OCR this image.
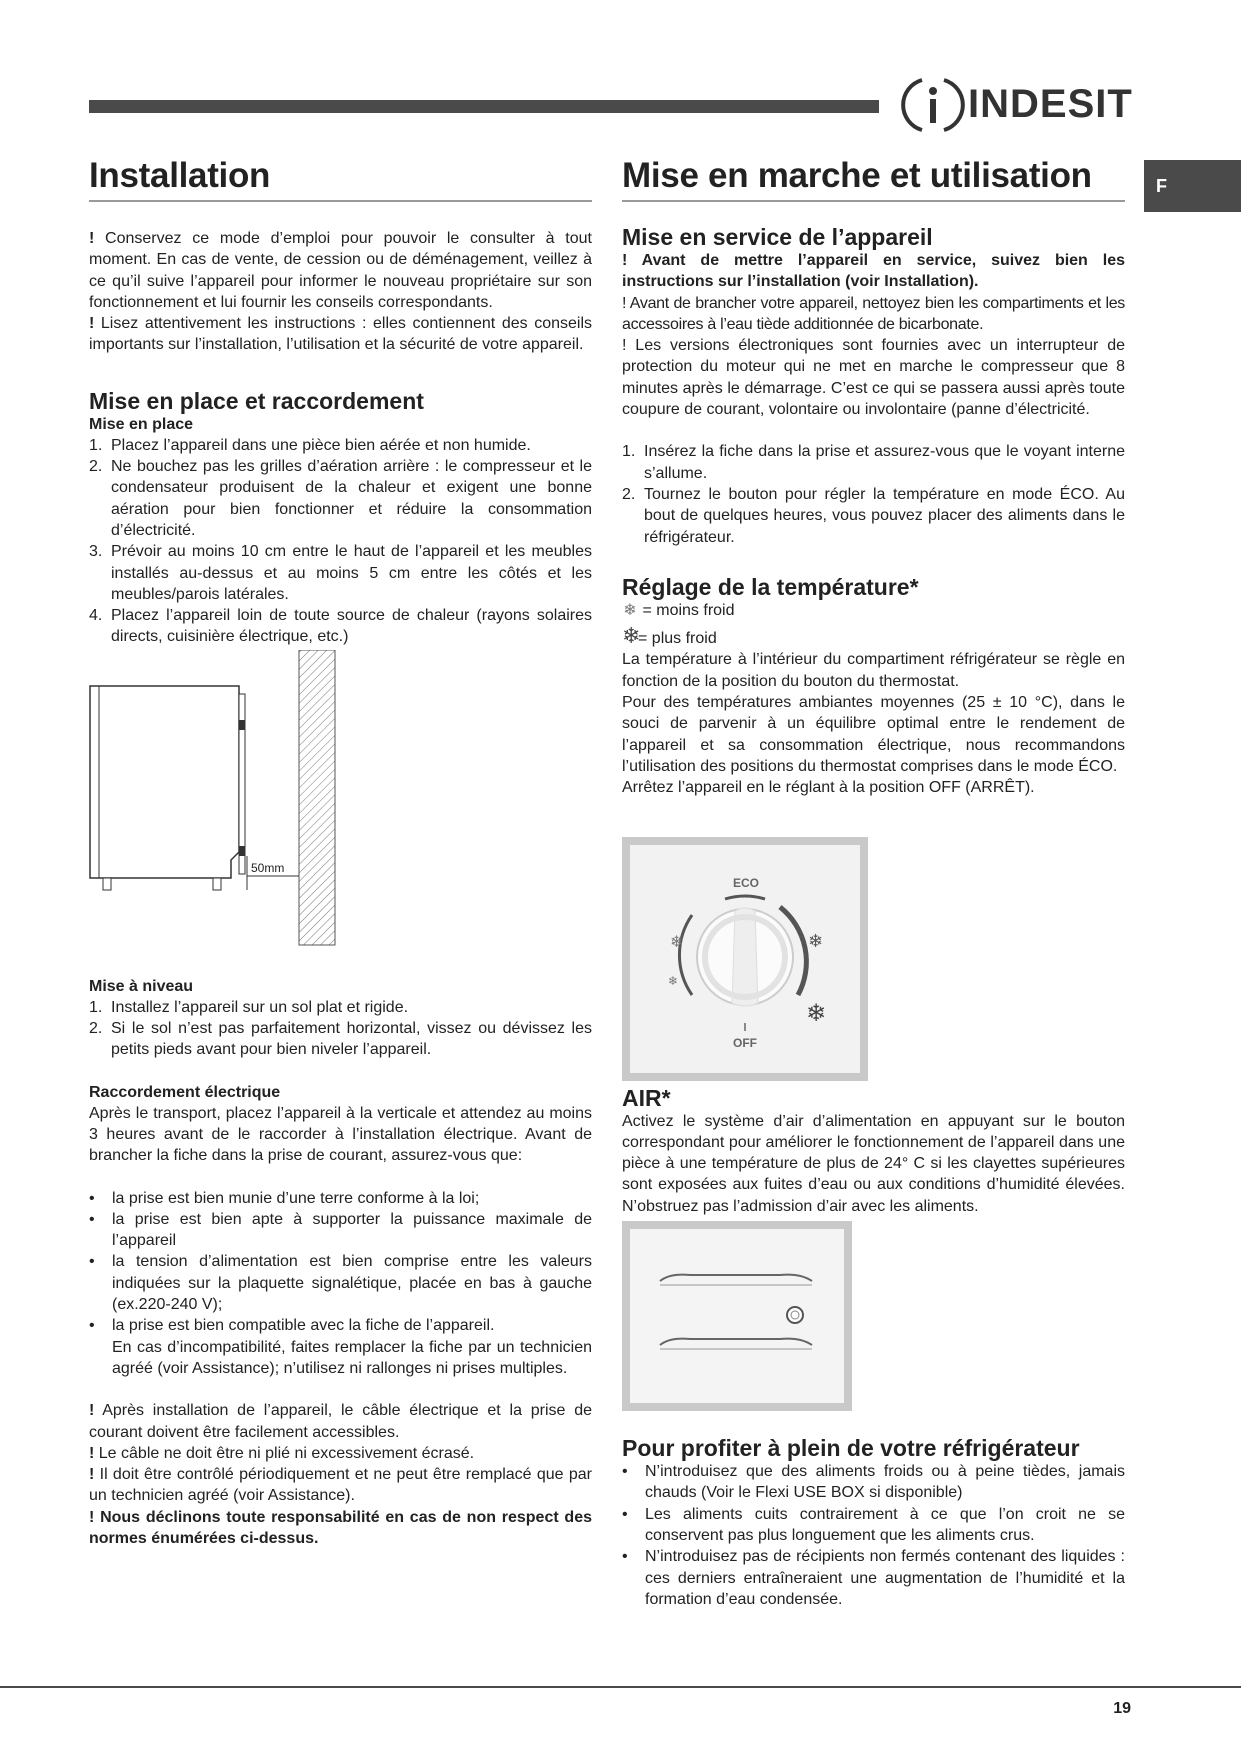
INDESIT
F
Installation

! Conservez ce mode d’emploi pour pouvoir le consulter à tout moment. En cas de vente, de cession ou de déménagement, veillez à ce qu’il suive l’appareil pour informer le nouveau propriétaire sur son fonctionnement et lui fournir les conseils correspondants.

! Lisez attentivement les instructions : elles contiennent des conseils importants sur l’installation, l’utilisation et la sécurité de votre appareil.

Mise en place et raccordement
Mise en place
1. Placez l’appareil dans une pièce bien aérée et non humide.
2. Ne bouchez pas les grilles d’aération arrière : le compresseur et le condensateur produisent de la chaleur et exigent une bonne aération pour bien fonctionner et réduire la consommation d’électricité.
3. Prévoir au moins 10 cm entre le haut de l’appareil et les meubles installés au-dessus et au moins 5 cm entre les côtés et les meubles/parois latérales.
4. Placez l’appareil loin de toute source de chaleur (rayons solaires directs, cuisinière électrique, etc.)
50mm
Mise à niveau
1. Installez l’appareil sur un sol plat et rigide.
2. Si le sol n’est pas parfaitement horizontal, vissez ou dévissez les petits pieds avant pour bien niveler l’appareil.
Raccordement électrique

Après le transport, placez l’appareil à la verticale et attendez au moins 3 heures avant de le raccorder à l’installation électrique. Avant de brancher la fiche dans la prise de courant, assurez-vous que:

• la prise est bien munie d’une terre conforme à la loi;
• la prise est bien apte à supporter la puissance maximale de l’appareil
• la tension d’alimentation est bien comprise entre les valeurs indiquées sur la plaquette signalétique, placée en bas à gauche (ex.220-240 V);
• la prise est bien compatible avec la fiche de l’appareil.
En cas d’incompatibilité, faites remplacer la fiche par un technicien agréé (voir Assistance); n’utilisez ni rallonges ni prises multiples.

! Après installation de l’appareil, le câble électrique et la prise de courant doivent être facilement accessibles.

! Le câble ne doit être ni plié ni excessivement écrasé.

! Il doit être contrôlé périodiquement et ne peut être remplacé que par un technicien agréé (voir Assistance).

! Nous déclinons toute responsabilité en cas de non respect des normes énumérées ci-dessus.

Mise en marche et utilisation
Mise en service de l’appareil

! Avant de mettre l’appareil en service, suivez bien les instructions sur l’installation (voir Installation).

! Avant de brancher votre appareil, nettoyez bien les compartiments et les accessoires à l’eau tiède additionnée de bicarbonate.

! Les versions électroniques sont fournies avec un interrupteur de protection du moteur qui ne met en marche le compresseur que 8 minutes après le démarrage. C’est ce qui se passera aussi après toute coupure de courant, volontaire ou involontaire (panne d’électricité.

1. Insérez la fiche dans la prise et assurez-vous que le voyant interne s’allume.
2. Tournez le bouton pour régler la température en mode ÉCO. Au bout de quelques heures, vous pouvez placer des aliments dans le réfrigérateur.
Réglage de la température*
❄ = moins froid
❄= plus froid

La température à l’intérieur du compartiment réfrigérateur se règle en fonction de la position du bouton du thermostat.

Pour des températures ambiantes moyennes (25 ± 10 °C), dans le souci de parvenir à un équilibre optimal entre le rendement de l’appareil et sa consommation électrique, nous recommandons l’utilisation des positions du thermostat comprises dans le mode ÉCO.

Arrêtez l’appareil en le réglant à la position OFF (ARRÊT).

ECO
OFF
❄
❄
❄
❄
AIR*

Activez le système d’air d’alimentation en appuyant sur le bouton correspondant pour améliorer le fonctionnement de l’appareil dans une pièce à une température de plus de 24° C si les clayettes supérieures sont exposées aux fuites d’eau ou aux conditions d’humidité élevées. N’obstruez pas l’admission d’air avec les aliments.

Pour profiter à plein de votre réfrigérateur
• N’introduisez que des aliments froids ou à peine tièdes, jamais chauds (Voir le Flexi USE BOX si disponible)
• Les aliments cuits contrairement à ce que l’on croit ne se conservent pas plus longuement que les aliments crus.
• N’introduisez pas de récipients non fermés contenant des liquides : ces derniers entraîneraient une augmentation de l’humidité et la formation d’eau condensée.
19
